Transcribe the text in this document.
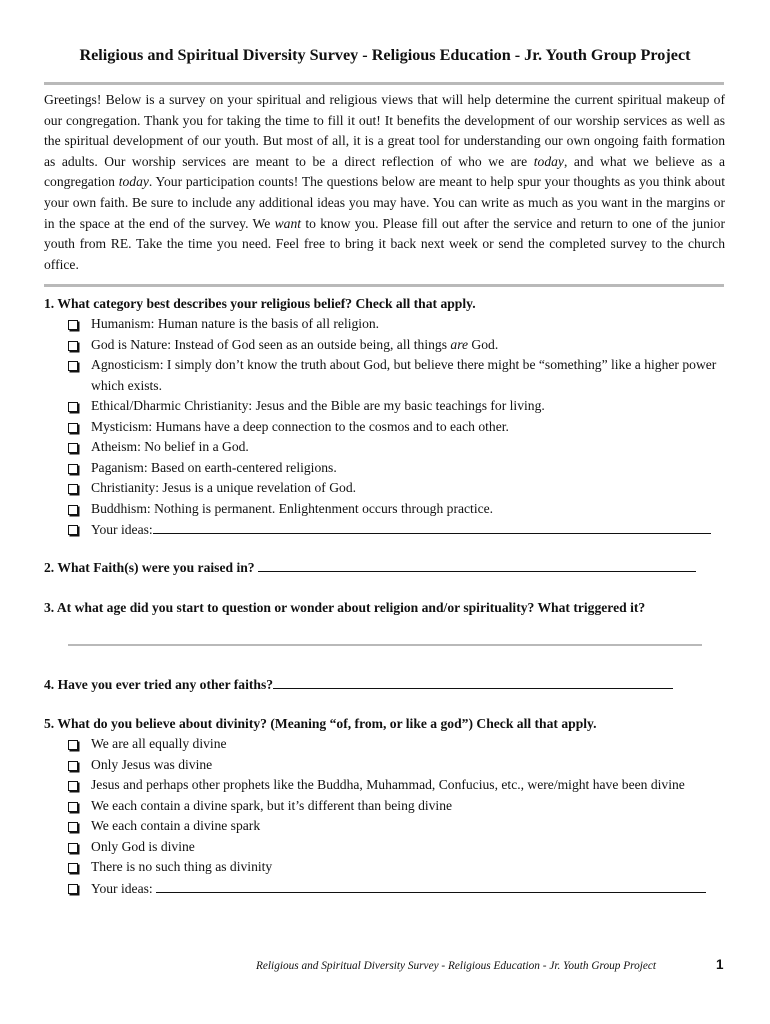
Religious and Spiritual Diversity Survey - Religious Education - Jr. Youth Group Project
Greetings! Below is a survey on your spiritual and religious views that will help determine the current spiritual makeup of our congregation. Thank you for taking the time to fill it out! It benefits the development of our worship services as well as the spiritual development of our youth. But most of all, it is a great tool for understanding our own ongoing faith formation as adults. Our worship services are meant to be a direct reflection of who we are today, and what we believe as a congregation today. Your participation counts! The questions below are meant to help spur your thoughts as you think about your own faith. Be sure to include any additional ideas you may have. You can write as much as you want in the margins or in the space at the end of the survey. We want to know you. Please fill out after the service and return to one of the junior youth from RE. Take the time you need. Feel free to bring it back next week or send the completed survey to the church office.
1. What category best describes your religious belief? Check all that apply.
Humanism: Human nature is the basis of all religion.
God is Nature: Instead of God seen as an outside being, all things are God.
Agnosticism: I simply don’t know the truth about God, but believe there might be “something” like a higher power which exists.
Ethical/Dharmic Christianity: Jesus and the Bible are my basic teachings for living.
Mysticism: Humans have a deep connection to the cosmos and to each other.
Atheism: No belief in a God.
Paganism: Based on earth-centered religions.
Christianity: Jesus is a unique revelation of God.
Buddhism: Nothing is permanent. Enlightenment occurs through practice.
Your ideas:
2. What Faith(s) were you raised in?
3. At what age did you start to question or wonder about religion and/or spirituality? What triggered it?
4. Have you ever tried any other faiths?
5. What do you believe about divinity? (Meaning “of, from, or like a god”) Check all that apply.
We are all equally divine
Only Jesus was divine
Jesus and perhaps other prophets like the Buddha, Muhammad, Confucius, etc., were/might have been divine
We each contain a divine spark, but it’s different than being divine
We each contain a divine spark
Only God is divine
There is no such thing as divinity
Your ideas:
Religious and Spiritual Diversity Survey - Religious Education - Jr. Youth Group Project	1
